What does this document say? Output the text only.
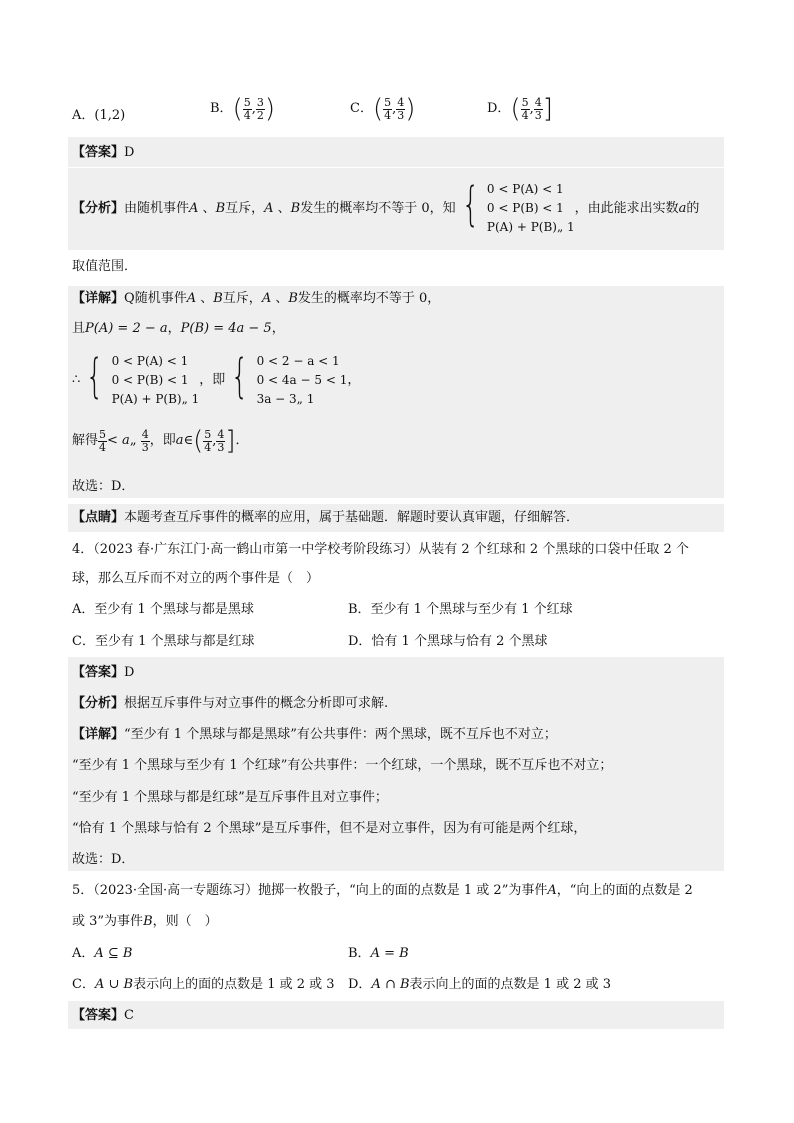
A．(1,2)	B．( $\frac{5}{4}$ , $\frac{3}{2}$ )	C．( $\frac{5}{4}$ , $\frac{4}{3}$ )	D．( $\frac{5}{4}$ , $\frac{4}{3}$ ]
【答案】D
【分析】由随机事件A 、B互斥，A 、B发生的概率均不等于 0，知 { 0 < P(A) < 1
0 < P(B) < 1
P(A) + P(B)„ 1
，由此能求出实数a的
取值范围．
【详解】Q随机事件A 、B互斥，A 、B发生的概率均不等于 0，
且P(A) = 2 − a，P(B) = 4a − 5，
∴ { 0 < P(A) < 1
0 < P(B) < 1
P(A) + P(B)„ 1
，即 { 0 < 2 − a < 1
0 < 4a − 5 < 1
3a − 3„ 1
，
解得 $\frac{5}{4}$ < a„ $\frac{4}{3}$ ，即a∈( $\frac{5}{4}$ , $\frac{4}{3}$ ]．
故选：D．
【点睛】本题考查互斥事件的概率的应用，属于基础题．解题时要认真审题，仔细解答．
4．（2023 春·广东江门·高一鹤山市第一中学校考阶段练习）从装有 2 个红球和 2 个黑球的口袋中任取 2 个
球，那么互斥而不对立的两个事件是（　）
A．至少有 1 个黑球与都是黑球	B．至少有 1 个黑球与至少有 1 个红球
C．至少有 1 个黑球与都是红球	D．恰有 1 个黑球与恰有 2 个黑球
【答案】D
【分析】根据互斥事件与对立事件的概念分析即可求解.
【详解】“至少有 1 个黑球与都是黑球”有公共事件：两个黑球，既不互斥也不对立；
“至少有 1 个黑球与至少有 1 个红球”有公共事件：一个红球，一个黑球，既不互斥也不对立；
“至少有 1 个黑球与都是红球”是互斥事件且对立事件；
“恰有 1 个黑球与恰有 2 个黑球”是互斥事件，但不是对立事件，因为有可能是两个红球，
故选：D．
5．（2023·全国·高一专题练习）抛掷一枚骰子，“向上的面的点数是 1 或 2”为事件A，“向上的面的点数是 2
或 3”为事件B，则（　）
A．A ⊆ B	B．A = B
C．A ∪ B表示向上的面的点数是 1 或 2 或 3 D．A ∩ B表示向上的面的点数是 1 或 2 或 3
【答案】C
